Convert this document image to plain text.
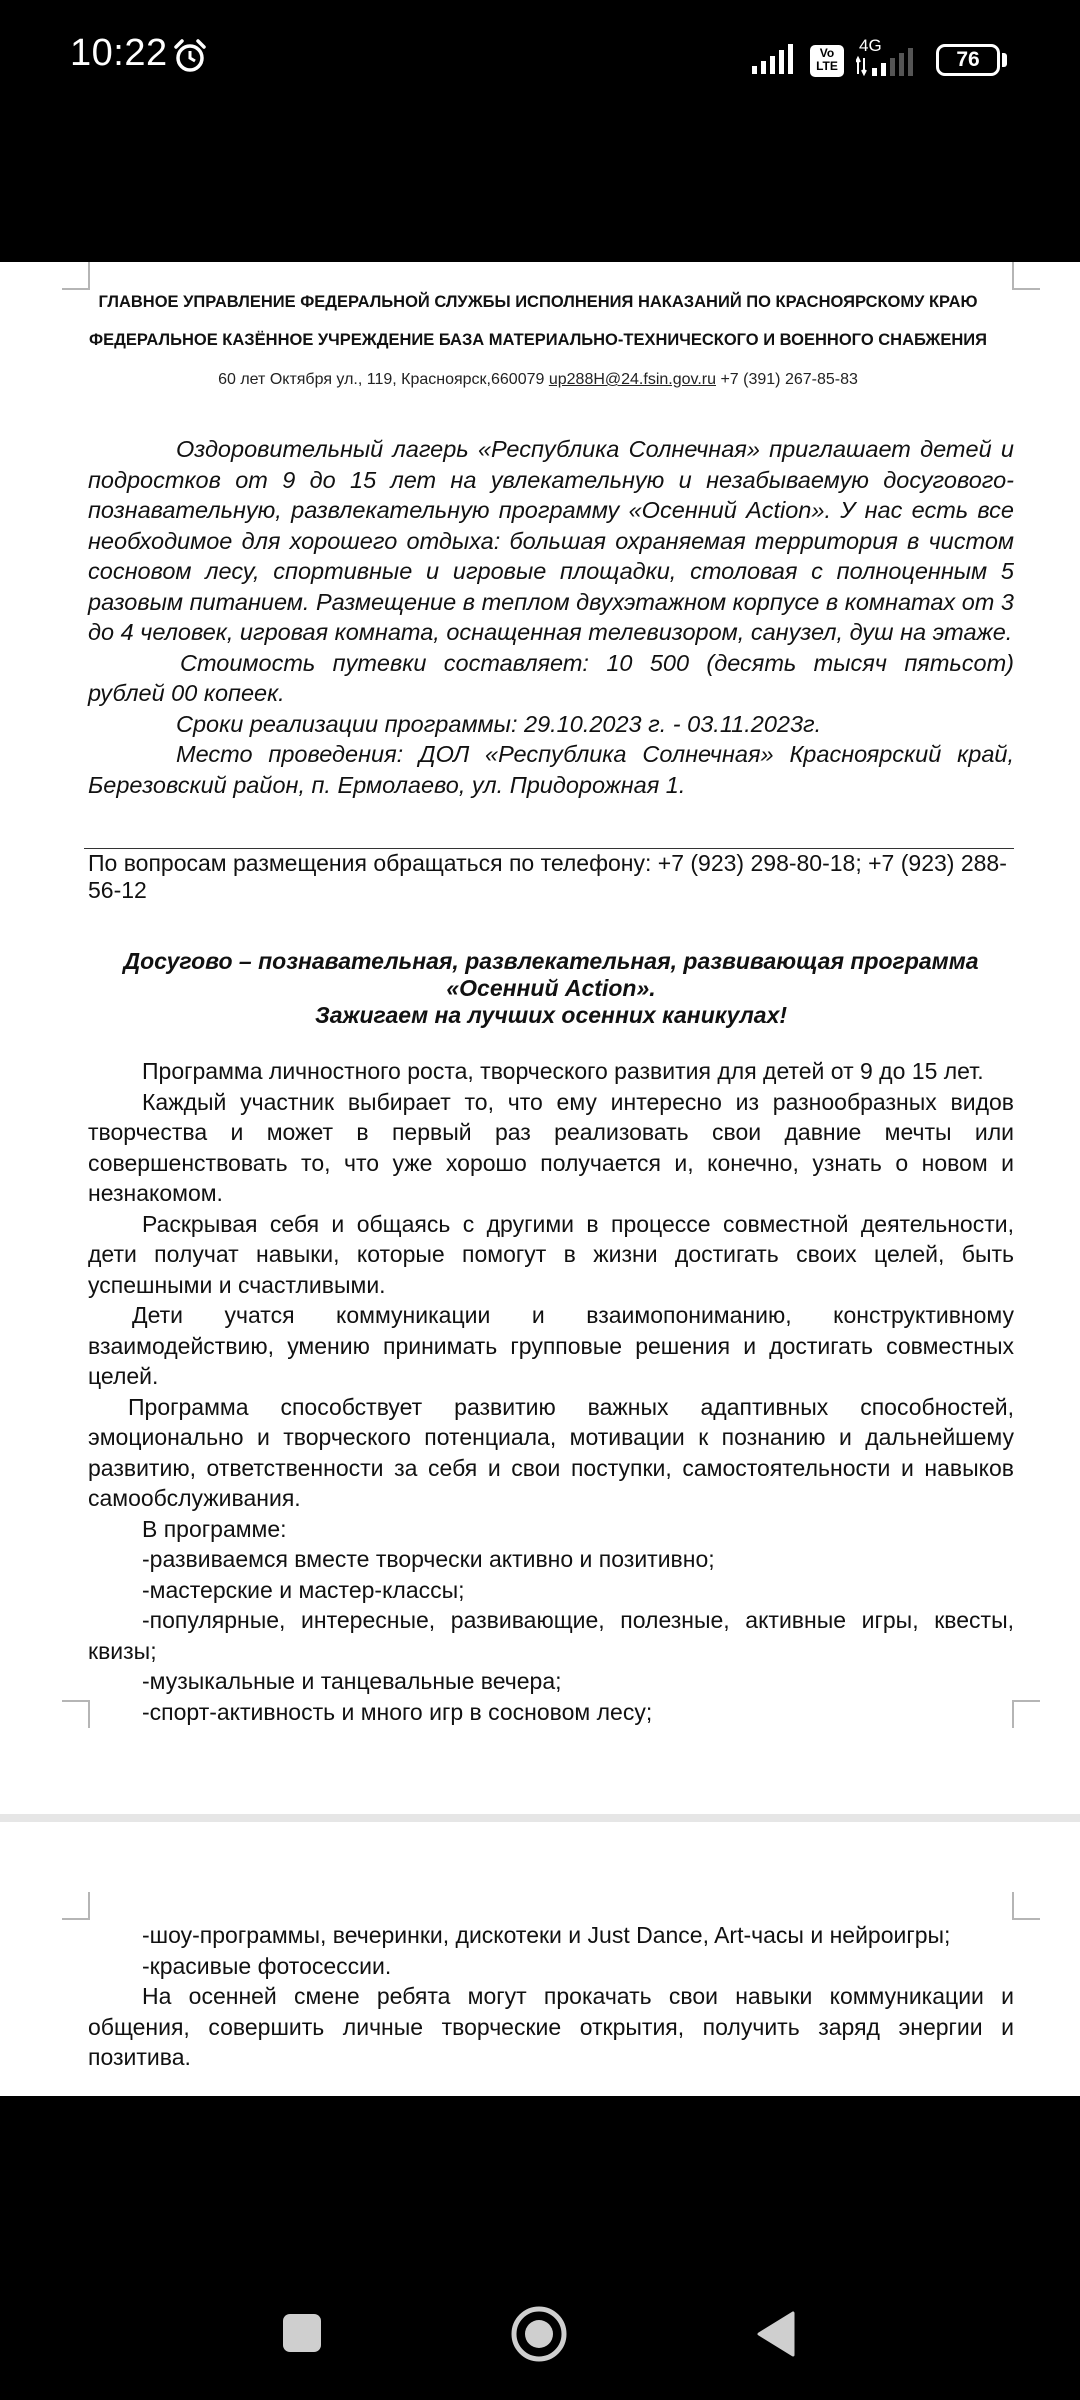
10:22	Vo LTE
4G
76
ГЛАВНОЕ УПРАВЛЕНИЕ ФЕДЕРАЛЬНОЙ СЛУЖБЫ ИСПОЛНЕНИЯ НАКАЗАНИЙ ПО КРАСНОЯРСКОМУ КРАЮ
ФЕДЕРАЛЬНОЕ КАЗЁННОЕ УЧРЕЖДЕНИЕ БАЗА МАТЕРИАЛЬНО-ТЕХНИЧЕСКОГО И ВОЕННОГО СНАБЖЕНИЯ
60 лет Октября ул., 119, Красноярск,660079 up288H@24.fsin.gov.ru +7 (391) 267-85-83

Оздоровительный лагерь «Республика Солнечная» приглашает детей и подростков от 9 до 15 лет на увлекательную и незабываемую досугового-познавательную, развлекательную программу «Осенний Action». У нас есть все необходимое для хорошего отдыха: большая охраняемая территория в чистом сосновом лесу, спортивные и игровые площадки, столовая с полноценным 5 разовым питанием. Размещение в теплом двухэтажном корпусе в комнатах от 3 до 4 человек, игровая комната, оснащенная телевизором, санузел, душ на этаже.

Стоимость путевки составляет: 10 500 (десять тысяч пятьсот) рублей 00 копеек.

Сроки реализации программы: 29.10.2023 г. - 03.11.2023г.

Место проведения: ДОЛ «Республика Солнечная» Красноярский край, Березовский район, п. Ермолаево, ул. Придорожная 1.

По вопросам размещения обращаться по телефону: +7 (923) 298-80-18; +7 (923) 288-56-12
Досугово – познавательная, развлекательная, развивающая программа «Осенний Action».
Зажигаем на лучших осенних каникулах!

Программа личностного роста, творческого развития для детей от 9 до 15 лет.

Каждый участник выбирает то, что ему интересно из разнообразных видов творчества и может в первый раз реализовать свои давние мечты или совершенствовать то, что уже хорошо получается и, конечно, узнать о новом и незнакомом.

Раскрывая себя и общаясь с другими в процессе совместной деятельности, дети получат навыки, которые помогут в жизни достигать своих целей, быть успешными и счастливыми.

Дети учатся коммуникации и взаимопониманию, конструктивному взаимодействию, умению принимать групповые решения и достигать совместных целей.

Программа способствует развитию важных адаптивных способностей, эмоционально и творческого потенциала, мотивации к познанию и дальнейшему развитию, ответственности за себя и свои поступки, самостоятельности и навыков самообслуживания.

В программе:

-развиваемся вместе творчески активно и позитивно;

-мастерские и мастер-классы;

-популярные, интересные, развивающие, полезные, активные игры, квесты, квизы;

-музыкальные и танцевальные вечера;

-спорт-активность и много игр в сосновом лесу;

-шоу-программы, вечеринки, дискотеки и Just Dance, Art-часы и нейроигры;

-красивые фотосессии.

На осенней смене ребята могут прокачать свои навыки коммуникации и общения, совершить личные творческие открытия, получить заряд энергии и позитива.
